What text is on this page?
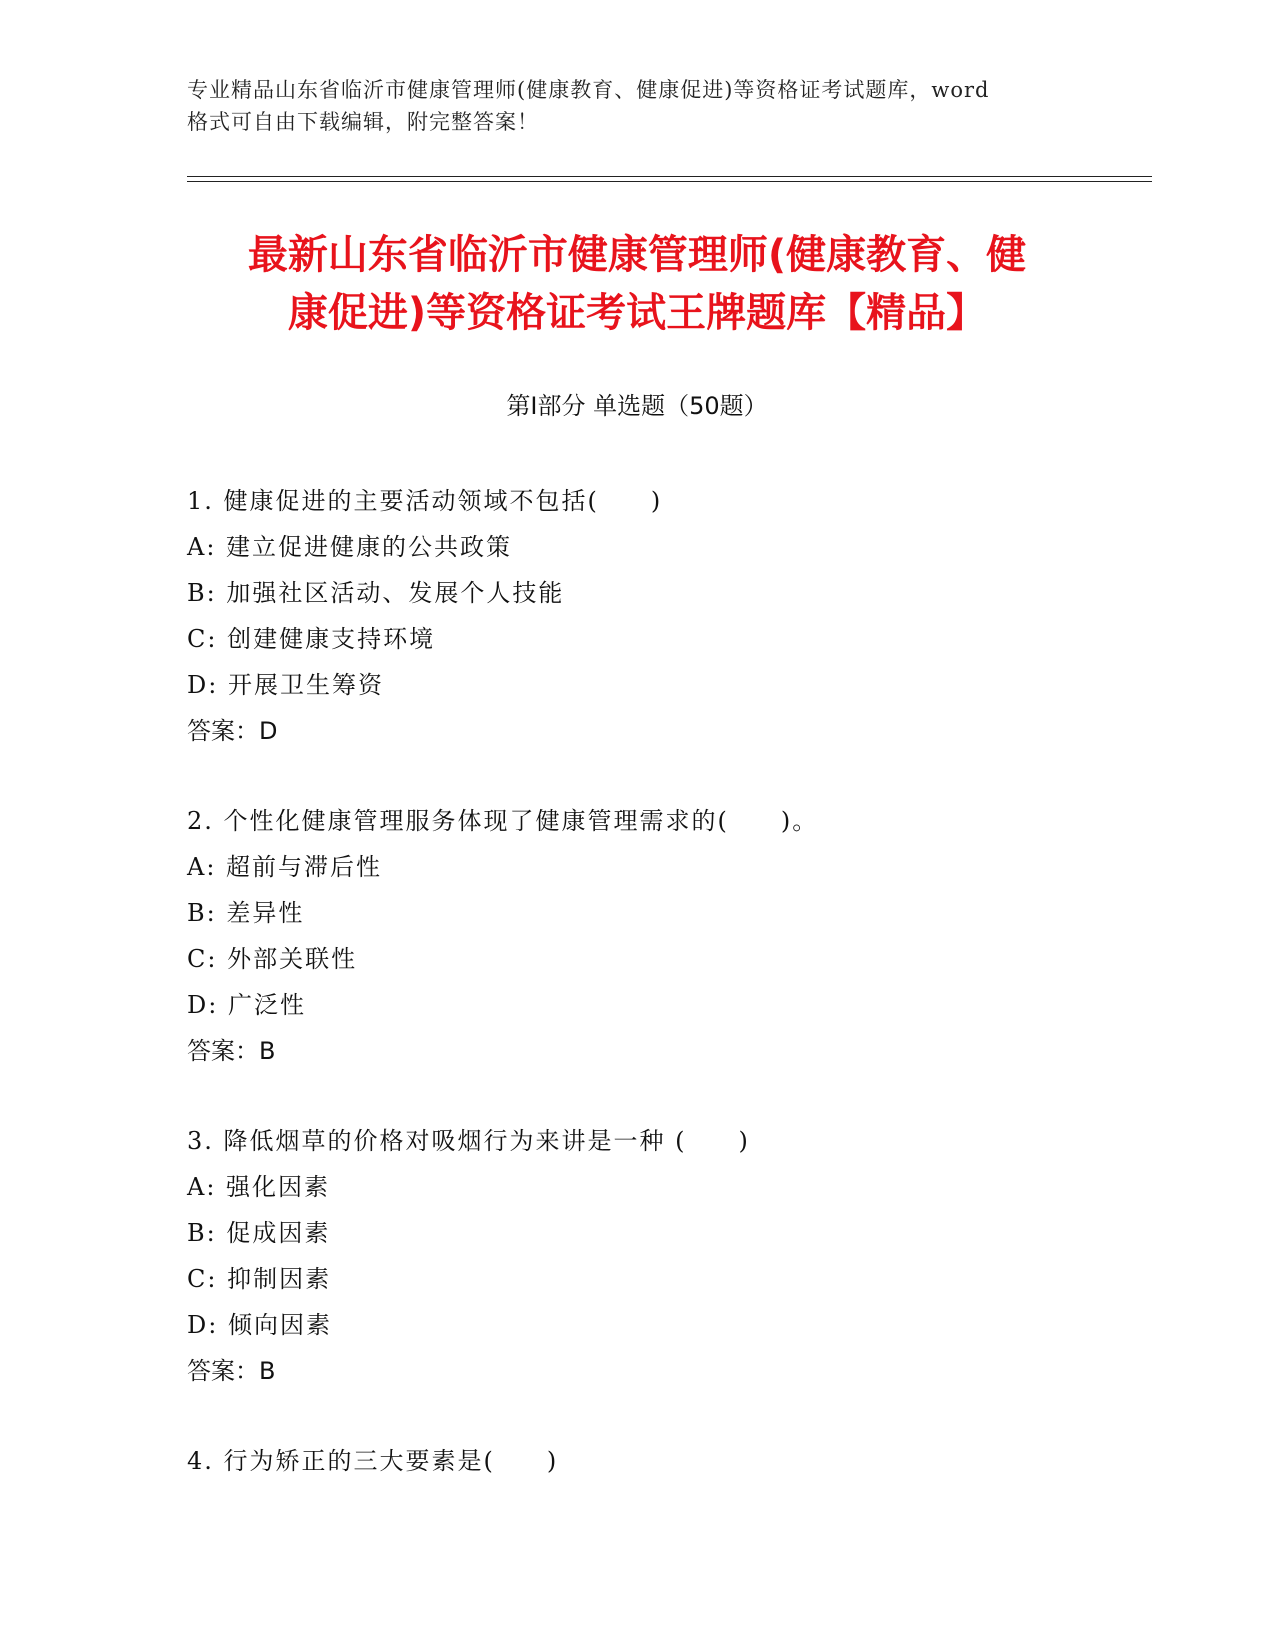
专业精品山东省临沂市健康管理师(健康教育、健康促进)等资格证考试题库，word
格式可自由下载编辑，附完整答案！
最新山东省临沂市健康管理师(健康教育、健
康促进)等资格证考试王牌题库【精品】
第Ⅰ部分 单选题（50题）
1. 健康促进的主要活动领域不包括(　　)
A: 建立促进健康的公共政策
B: 加强社区活动、发展个人技能
C: 创建健康支持环境
D: 开展卫生筹资
答案：D
2. 个性化健康管理服务体现了健康管理需求的(　　)。
A: 超前与滞后性
B: 差异性
C: 外部关联性
D: 广泛性
答案：B
3. 降低烟草的价格对吸烟行为来讲是一种 (　　)
A: 强化因素
B: 促成因素
C: 抑制因素
D: 倾向因素
答案：B
4. 行为矫正的三大要素是(　　)
